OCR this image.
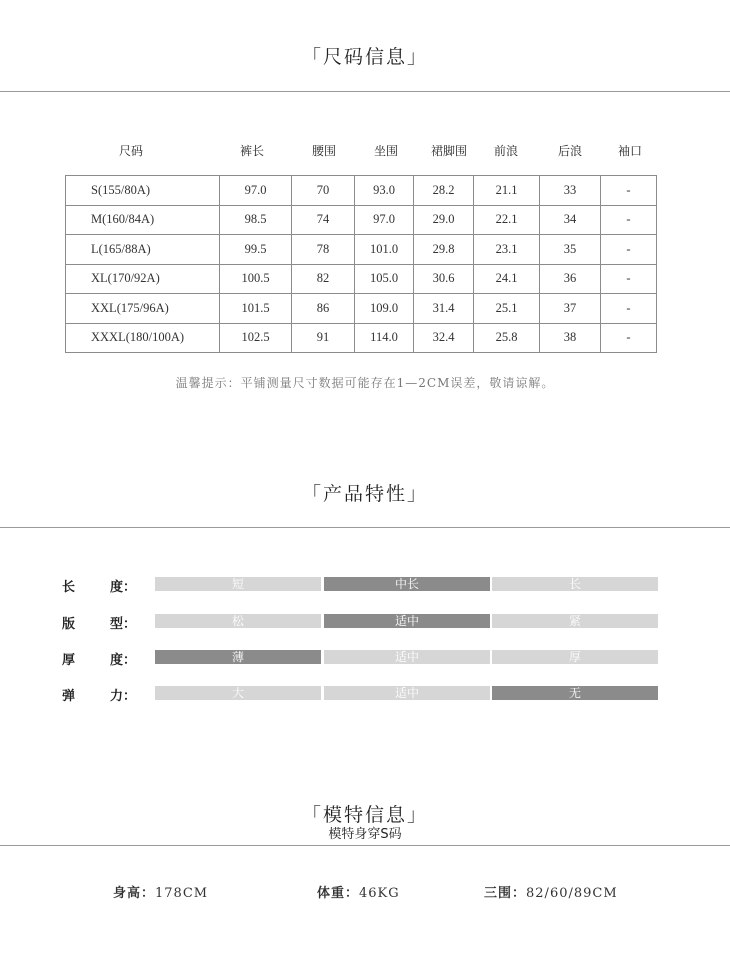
「尺码信息」
尺码	裤长	腰围	坐围	裙脚围	前浪	后浪	袖口
S(155/80A)	97.0	70	93.0	28.2	21.1	33	-
M(160/84A)	98.5	74	97.0	29.0	22.1	34	-
L(165/88A)	99.5	78	101.0	29.8	23.1	35	-
XL(170/92A)	100.5	82	105.0	30.6	24.1	36	-
XXL(175/96A)	101.5	86	109.0	31.4	25.1	37	-
XXXL(180/100A)	102.5	91	114.0	32.4	25.8	38	-
温馨提示：平铺测量尺寸数据可能存在1—2CM误差，敬请谅解。
「产品特性」
长	度：	短	中长	长
版	型：	松	适中	紧
厚	度：	薄	适中	厚
弹	力：	大	适中	无
「模特信息」
模特身穿S码
身高：178CM	体重：46KG	三围：82/60/89CM
